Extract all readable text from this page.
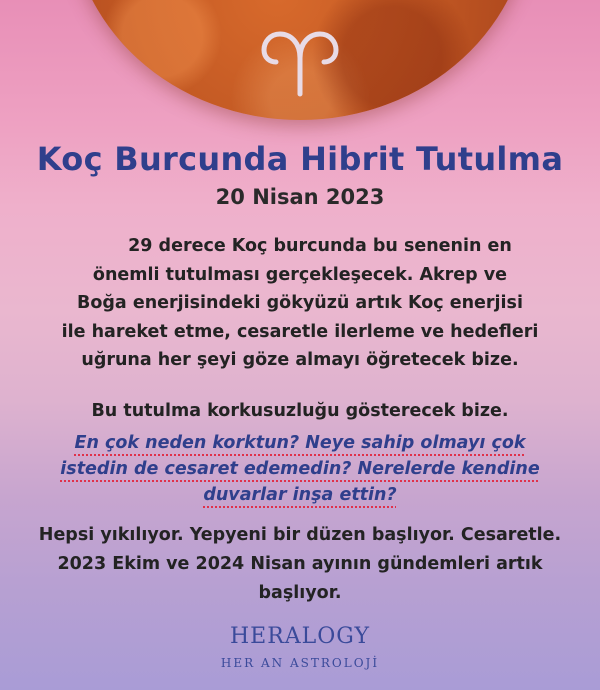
Koç Burcunda Hibrit Tutulma

20 Nisan 2023

29 derece Koç burcunda bu senenin en
önemli tutulması gerçekleşecek. Akrep ve
Boğa enerjisindeki gökyüzü artık Koç enerjisi
ile hareket etme, cesaretle ilerleme ve hedefleri
uğruna her şeyi göze almayı öğretecek bize.
Bu tutulma korkusuzluğu gösterecek bize.
En çok neden korktun? Neye sahip olmayı çok
istedin de cesaret edemedin? Nerelerde kendine
duvarlar inşa ettin?
Hepsi yıkılıyor. Yepyeni bir düzen başlıyor. Cesaretle.
2023 Ekim ve 2024 Nisan ayının gündemleri artık
başlıyor.

HERALOGY

HER AN ASTROLOJİ
